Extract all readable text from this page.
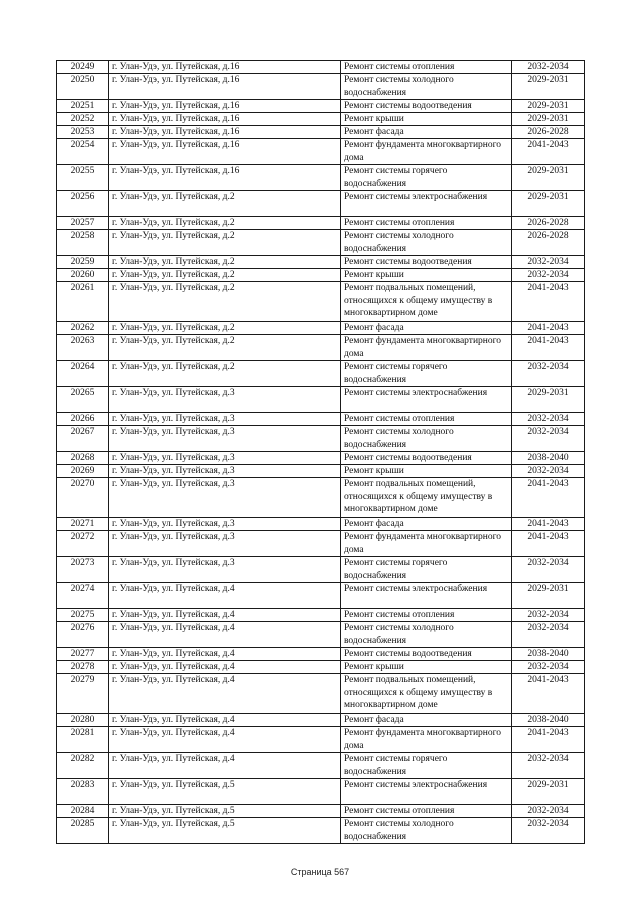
20249	г. Улан-Удэ, ул. Путейская, д.16	Ремонт системы отопления	2032-2034
20250	г. Улан-Удэ, ул. Путейская, д.16	Ремонт системы холодного
водоснабжения	2029-2031
20251	г. Улан-Удэ, ул. Путейская, д.16	Ремонт системы водоотведения	2029-2031
20252	г. Улан-Удэ, ул. Путейская, д.16	Ремонт крыши	2029-2031
20253	г. Улан-Удэ, ул. Путейская, д.16	Ремонт фасада	2026-2028
20254	г. Улан-Удэ, ул. Путейская, д.16	Ремонт фундамента многоквартирного
дома	2041-2043
20255	г. Улан-Удэ, ул. Путейская, д.16	Ремонт системы горячего
водоснабжения	2029-2031
20256	г. Улан-Удэ, ул. Путейская, д.2	Ремонт системы электроснабжения	2029-2031
20257	г. Улан-Удэ, ул. Путейская, д.2	Ремонт системы отопления	2026-2028
20258	г. Улан-Удэ, ул. Путейская, д.2	Ремонт системы холодного
водоснабжения	2026-2028
20259	г. Улан-Удэ, ул. Путейская, д.2	Ремонт системы водоотведения	2032-2034
20260	г. Улан-Удэ, ул. Путейская, д.2	Ремонт крыши	2032-2034
20261	г. Улан-Удэ, ул. Путейская, д.2	Ремонт подвальных помещений,
относящихся к общему имуществу в
многоквартирном доме	2041-2043
20262	г. Улан-Удэ, ул. Путейская, д.2	Ремонт фасада	2041-2043
20263	г. Улан-Удэ, ул. Путейская, д.2	Ремонт фундамента многоквартирного
дома	2041-2043
20264	г. Улан-Удэ, ул. Путейская, д.2	Ремонт системы горячего
водоснабжения	2032-2034
20265	г. Улан-Удэ, ул. Путейская, д.3	Ремонт системы электроснабжения	2029-2031
20266	г. Улан-Удэ, ул. Путейская, д.3	Ремонт системы отопления	2032-2034
20267	г. Улан-Удэ, ул. Путейская, д.3	Ремонт системы холодного
водоснабжения	2032-2034
20268	г. Улан-Удэ, ул. Путейская, д.3	Ремонт системы водоотведения	2038-2040
20269	г. Улан-Удэ, ул. Путейская, д.3	Ремонт крыши	2032-2034
20270	г. Улан-Удэ, ул. Путейская, д.3	Ремонт подвальных помещений,
относящихся к общему имуществу в
многоквартирном доме	2041-2043
20271	г. Улан-Удэ, ул. Путейская, д.3	Ремонт фасада	2041-2043
20272	г. Улан-Удэ, ул. Путейская, д.3	Ремонт фундамента многоквартирного
дома	2041-2043
20273	г. Улан-Удэ, ул. Путейская, д.3	Ремонт системы горячего
водоснабжения	2032-2034
20274	г. Улан-Удэ, ул. Путейская, д.4	Ремонт системы электроснабжения	2029-2031
20275	г. Улан-Удэ, ул. Путейская, д.4	Ремонт системы отопления	2032-2034
20276	г. Улан-Удэ, ул. Путейская, д.4	Ремонт системы холодного
водоснабжения	2032-2034
20277	г. Улан-Удэ, ул. Путейская, д.4	Ремонт системы водоотведения	2038-2040
20278	г. Улан-Удэ, ул. Путейская, д.4	Ремонт крыши	2032-2034
20279	г. Улан-Удэ, ул. Путейская, д.4	Ремонт подвальных помещений,
относящихся к общему имуществу в
многоквартирном доме	2041-2043
20280	г. Улан-Удэ, ул. Путейская, д.4	Ремонт фасада	2038-2040
20281	г. Улан-Удэ, ул. Путейская, д.4	Ремонт фундамента многоквартирного
дома	2041-2043
20282	г. Улан-Удэ, ул. Путейская, д.4	Ремонт системы горячего
водоснабжения	2032-2034
20283	г. Улан-Удэ, ул. Путейская, д.5	Ремонт системы электроснабжения	2029-2031
20284	г. Улан-Удэ, ул. Путейская, д.5	Ремонт системы отопления	2032-2034
20285	г. Улан-Удэ, ул. Путейская, д.5	Ремонт системы холодного
водоснабжения	2032-2034
Страница 567
